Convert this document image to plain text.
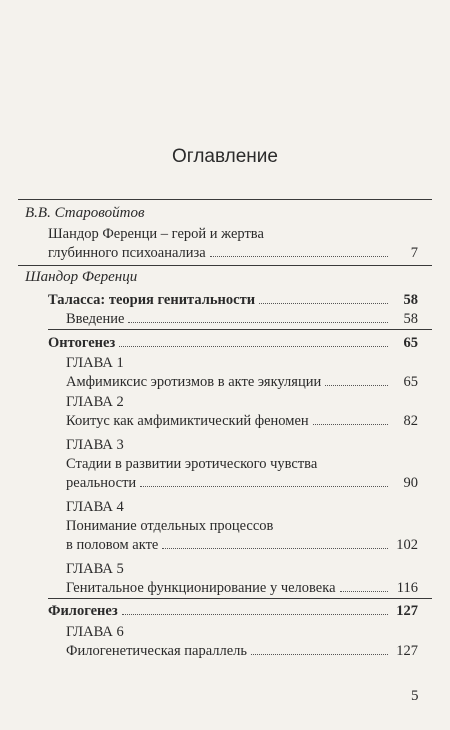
Оглавление
В.В. Старовойтов
Шандор Ференци – герой и жертва
глубинного психоанализа	7
Шандор Ференци
Таласса: теория генитальности	58
Введение	58
Онтогенез	65
ГЛАВА 1
Амфимиксис эротизмов в акте эякуляции	65
ГЛАВА 2
Коитус как амфимиктический феномен	82
ГЛАВА 3
Стадии в развитии эротического чувства
реальности	90
ГЛАВА 4
Понимание отдельных процессов
в половом акте	102
ГЛАВА 5
Генитальное функционирование у человека	116
Филогенез	127
ГЛАВА 6
Филогенетическая параллель	127
5
